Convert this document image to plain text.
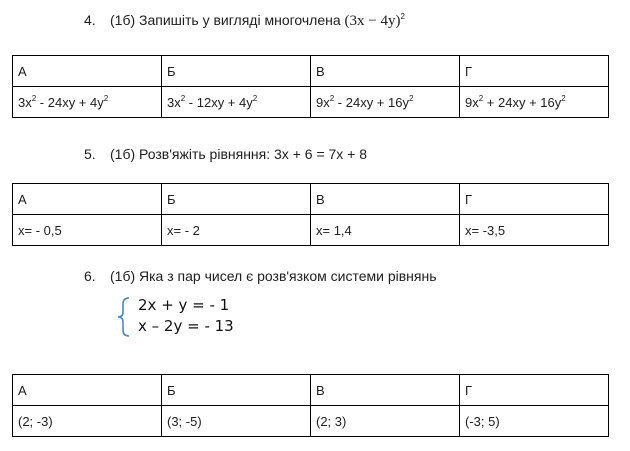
4. (1б) Запишіть у вигляді многочлена $(3x - 4y)^2$
А	Б	В	Г
$3x^2 - 24xy + 4y^2$	$3x^2 - 12xy + 4y^2$	$9x^2 - 24xy + 16y^2$	$9x^2 + 24xy + 16y^2$
5. (1б) Розв'яжіть рівняння: 3x + 6 = 7x + 8
А	Б	В	Г
x= - 0,5	x= - 2	x= 1,4	x= -3,5
6. (1б) Яка з пар чисел є розв'язком системи рівнянь
2x + y = - 1
x – 2y = - 13
А	Б	В	Г
(2; -3)	(3; -5)	(2; 3)	(-3; 5)
